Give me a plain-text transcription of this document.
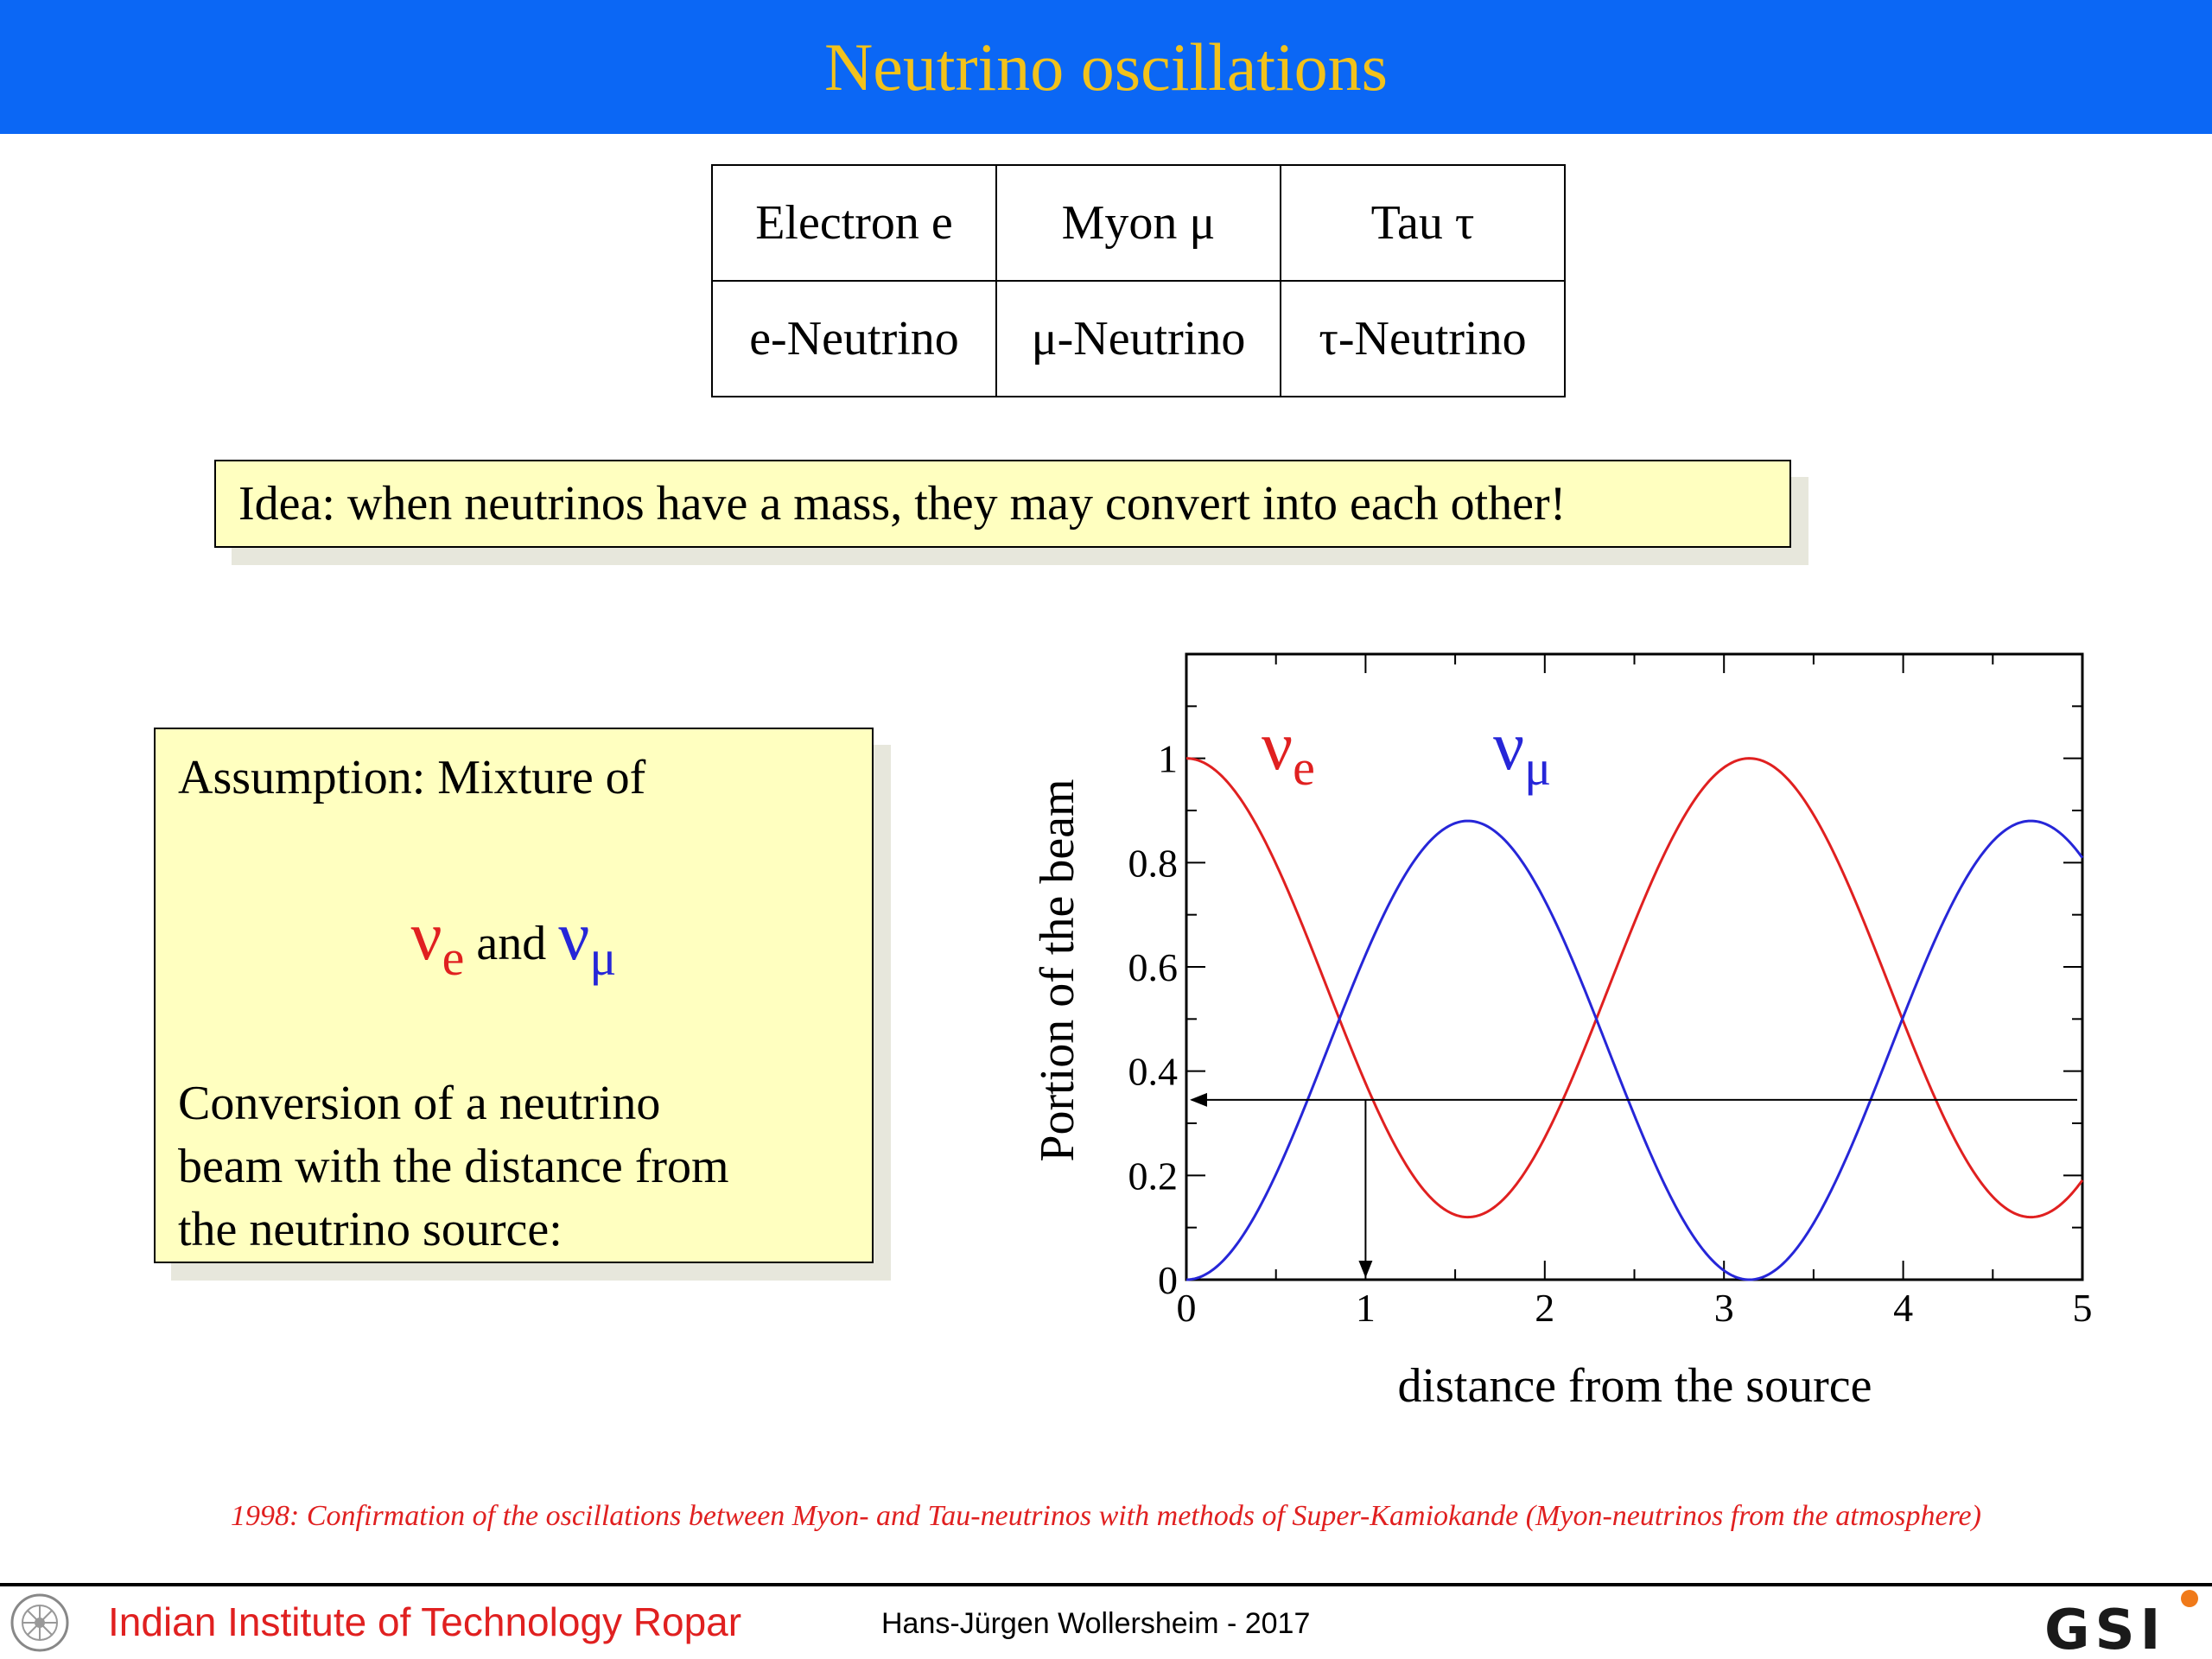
Neutrino oscillations
Electron e	Myon μ	Tau τ
e-Neutrino	μ-Neutrino	τ-Neutrino
Idea: when neutrinos have a mass, they may convert into each other!
Assumption: Mixture of
$\nu_e$ and $\nu_\mu$
Conversion of a neutrino
beam with the distance from
the neutrino source:
0	1	2	3	4	5
0
0.2
0.4
0.6
0.8
1
distance from the source
Portion of the beam
$\nu_e$	$\nu_\mu$
1998: Confirmation of the oscillations between Myon- and Tau-neutrinos with methods of Super-Kamiokande (Myon-neutrinos from the atmosphere)
Indian Institute of Technology Ropar	Hans-Jürgen Wollersheim - 2017	GSI
